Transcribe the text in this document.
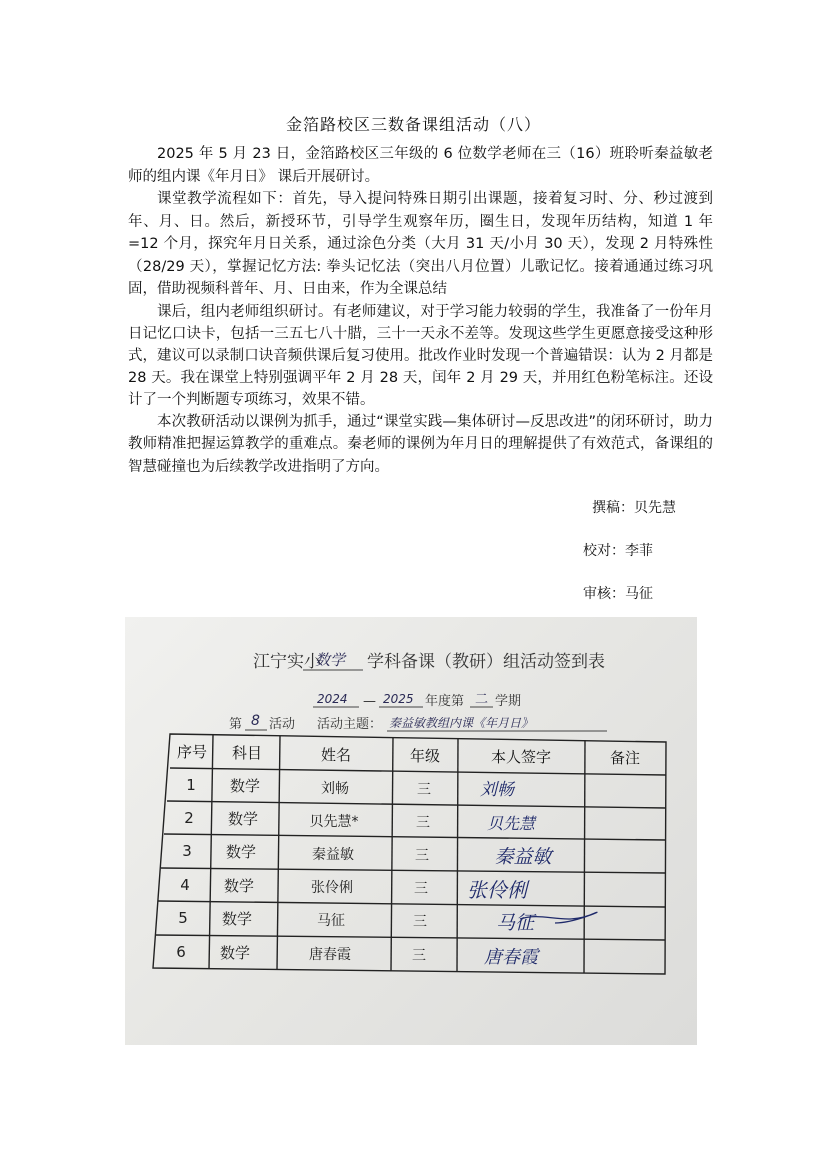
金箔路校区三数备课组活动（八）

2025 年 5 月 23 日，金箔路校区三年级的 6 位数学老师在三（16）班聆听秦益敏老师的组内课《年月日》 课后开展研讨。

课堂教学流程如下：首先，导入提问特殊日期引出课题，接着复习时、分、秒过渡到年、月、日。然后，新授环节，引导学生观察年历，圈生日，发现年历结构，知道 1 年=12 个月，探究年月日关系，通过涂色分类（大月 31 天/小月 30 天），发现 2 月特殊性（28/29 天），掌握记忆方法: 拳头记忆法（突出八月位置）儿歌记忆。接着通通过练习巩固，借助视频科普年、月、日由来，作为全课总结

课后，组内老师组织研讨。有老师建议，对于学习能力较弱的学生，我准备了一份年月日记忆口诀卡，包括一三五七八十腊，三十一天永不差等。发现这些学生更愿意接受这种形式，建议可以录制口诀音频供课后复习使用。批改作业时发现一个普遍错误：认为 2 月都是 28 天。我在课堂上特别强调平年 2 月 28 天，闰年 2 月 29 天，并用红色粉笔标注。还设计了一个判断题专项练习，效果不错。

本次教研活动以课例为抓手，通过“课堂实践—集体研讨—反思改进”的闭环研讨，助力教师精准把握运算教学的重难点。秦老师的课例为年月日的理解提供了有效范式，备课组的智慧碰撞也为后续教学改进指明了方向。

撰稿：贝先慧
校对：李菲
审核：马征
江宁实小
数学 学科备课（教研）组活动签到表
2024 — 2025 年度第 二 学期
第 8 活动 活动主题： 秦益敏教组内课《年月日》
序号 科目	姓名	年级	本人签字	备注
1 数学	刘畅	三	刘畅
2 数学	贝先慧*	三	贝先慧
3 数学	秦益敏	三	秦益敏
4 数学	张伶俐	三 张伶俐
5 数学	马征	三	马征
6 数学	唐春霞	三	唐春霞
